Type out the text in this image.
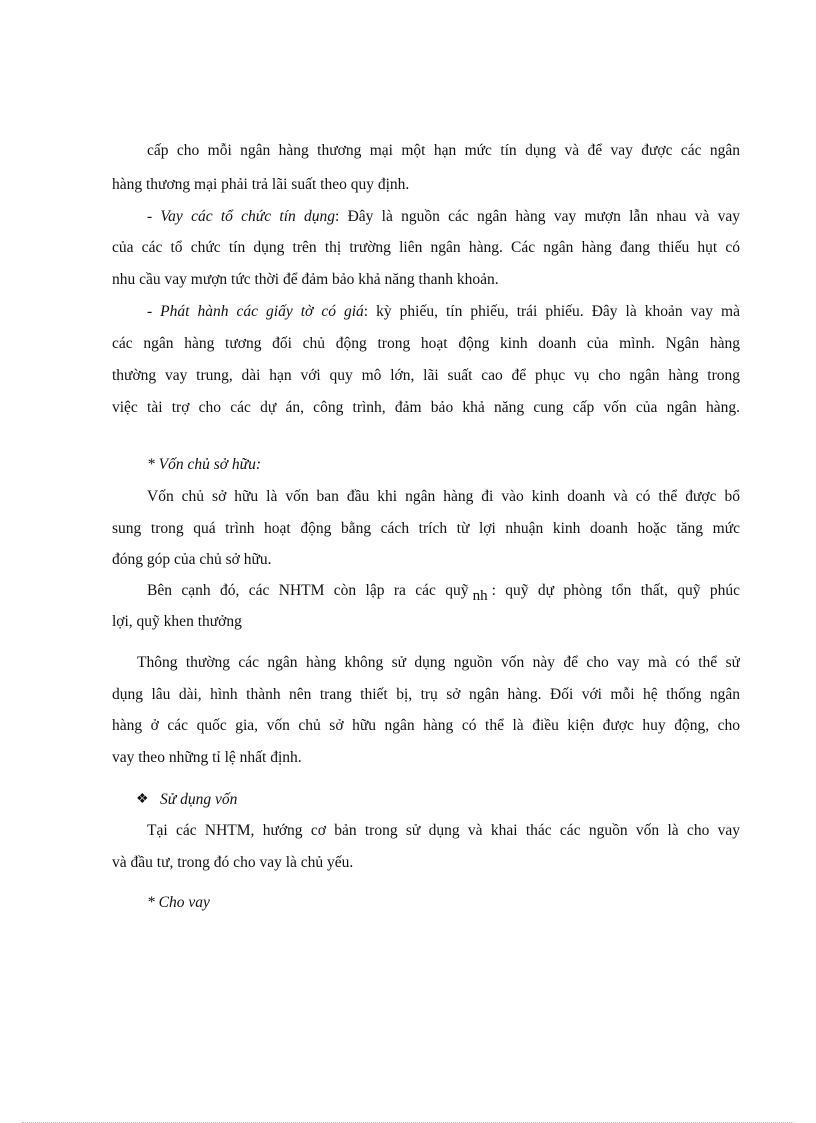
cấp cho mỗi ngân hàng thương mại một hạn mức tín dụng và để vay được các ngân
hàng thương mại phải trả lãi suất theo quy định.
- Vay các tổ chức tín dụng: Đây là nguồn các ngân hàng vay mượn lẫn nhau và vay
của các tổ chức tín dụng trên thị trường liên ngân hàng. Các ngân hàng đang thiếu hụt có
nhu cầu vay mượn tức thời để đảm bảo khả năng thanh khoản.
- Phát hành các giấy tờ có giá: kỳ phiếu, tín phiếu, trái phiếu. Đây là khoản vay mà
các ngân hàng tương đối chủ động trong hoạt động kinh doanh của mình. Ngân hàng
thường vay trung, dài hạn với quy mô lớn, lãi suất cao để phục vụ cho ngân hàng trong
việc tài trợ cho các dự án, công trình, đảm bảo khả năng cung cấp vốn của ngân hàng.
* Vốn chủ sở hữu:
Vốn chủ sở hữu là vốn ban đầu khi ngân hàng đi vào kinh doanh và có thể được bổ
sung trong quá trình hoạt động bằng cách trích từ lợi nhuận kinh doanh hoặc tăng mức
đóng góp của chủ sở hữu.
Bên cạnh đó, các NHTM còn lập ra các quỹ nh : quỹ dự phòng tổn thất, quỹ phúc
lợi, quỹ khen thưởng
Thông thường các ngân hàng không sử dụng nguồn vốn này để cho vay mà có thể sử
dụng lâu dài, hình thành nên trang thiết bị, trụ sở ngân hàng. Đối với mỗi hệ thống ngân
hàng ở các quốc gia, vốn chủ sở hữu ngân hàng có thể là điều kiện được huy động, cho
vay theo những tỉ lệ nhất định.
❖ Sử dụng vốn
Tại các NHTM, hướng cơ bản trong sử dụng và khai thác các nguồn vốn là cho vay
và đầu tư, trong đó cho vay là chủ yếu.
* Cho vay
